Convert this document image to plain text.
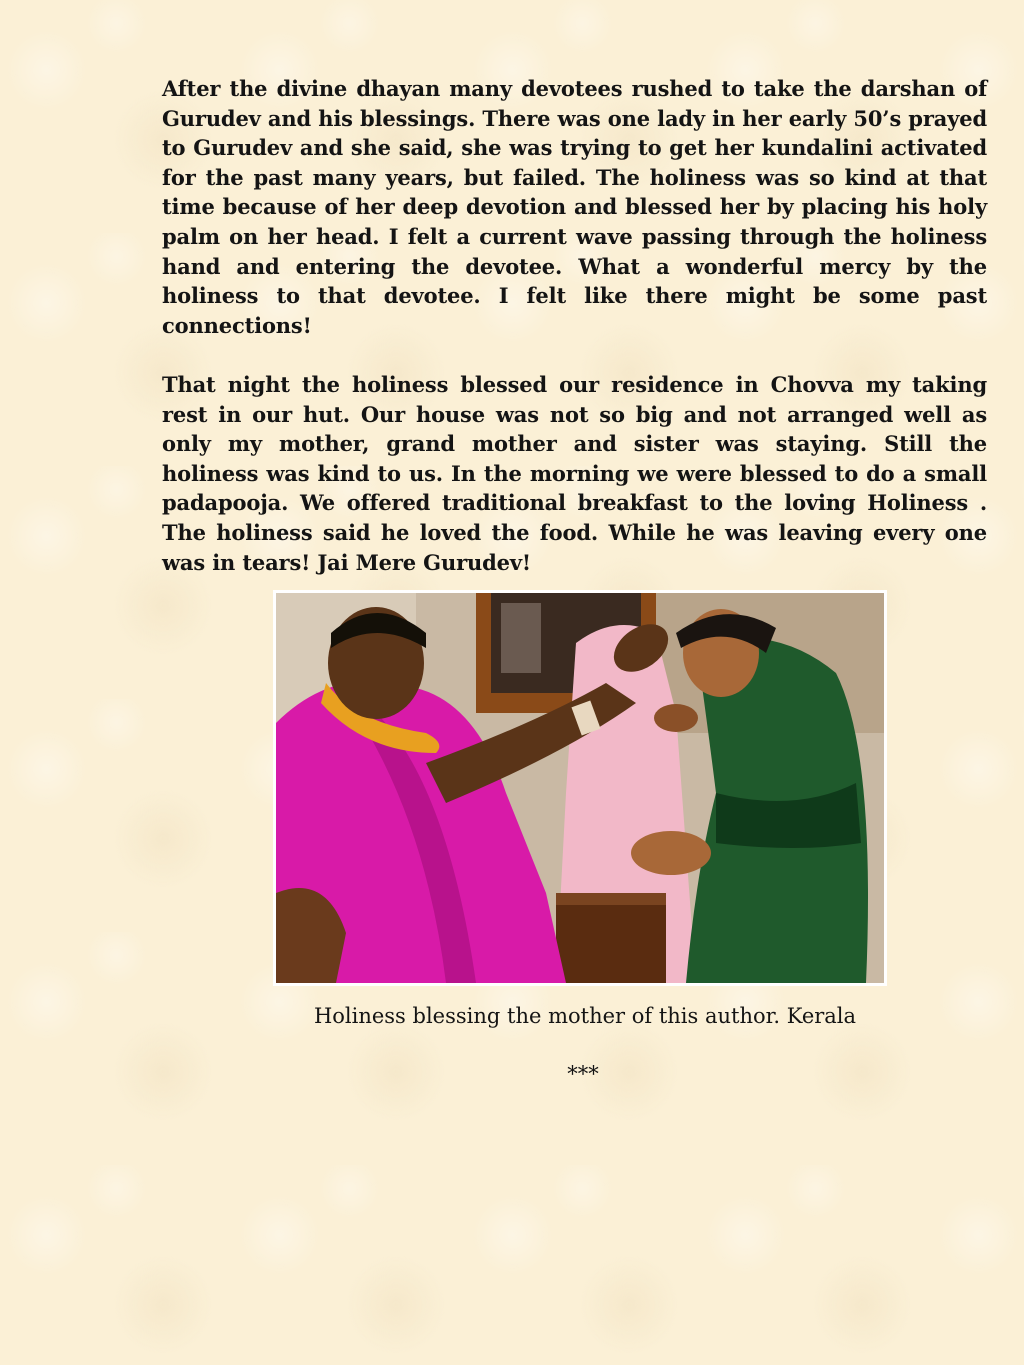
After the divine dhayan many devotees rushed to take the darshan of Gurudev and his blessings. There was one lady in her early 50’s prayed to Gurudev and she said, she was trying to get her kundalini activated for the past many years, but failed. The holiness was so kind at that time because of her deep devotion and blessed her by placing his holy palm on her head. I felt a current wave passing through the holiness hand and entering the devotee. What a wonderful mercy by the holiness to that devotee. I felt like there might be some past connections!

That night the holiness blessed our residence in Chovva my taking rest in our hut. Our house was not so big and not arranged well as only my mother, grand mother and sister was staying. Still the holiness was kind to us. In the morning we were blessed to do a small padapooja. We offered traditional breakfast to the loving Holiness . The holiness said he loved the food. While he was leaving every one was in tears! Jai Mere Gurudev!

Holiness blessing the mother of this author. Kerala
***
